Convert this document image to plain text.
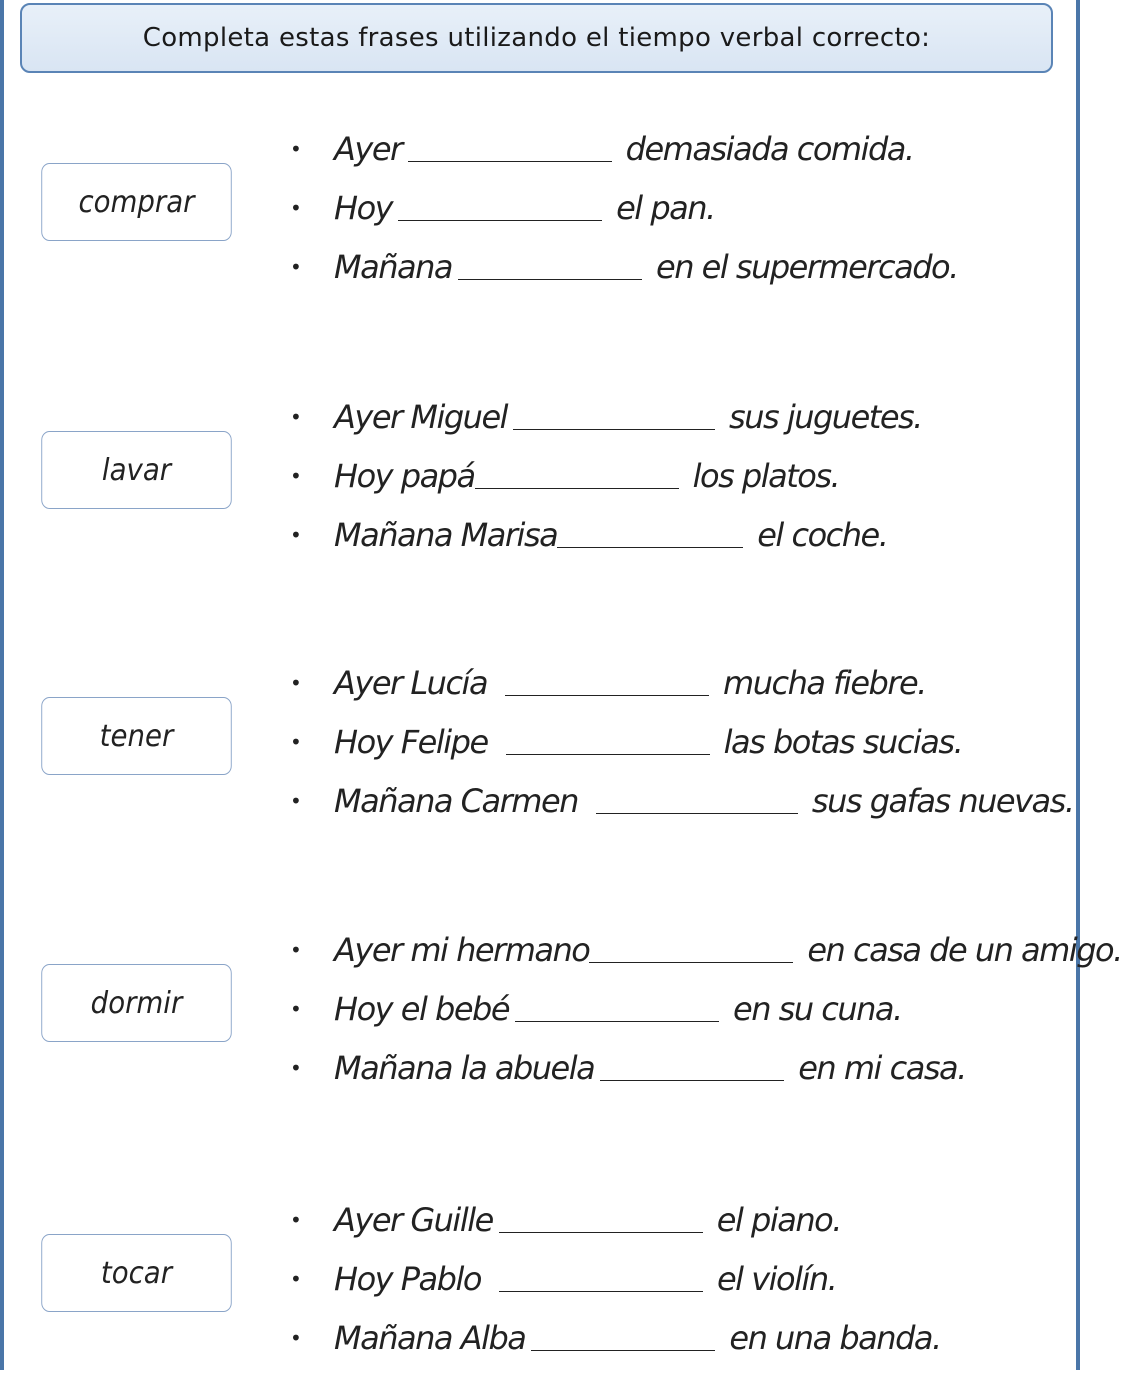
Completa estas frases utilizando el tiempo verbal correcto:
comprar
•	Ayer	demasiada comida.
•	Hoy	el pan.
•	Mañana	en el supermercado.
lavar
•	Ayer Miguel	sus juguetes.
•	Hoy papá	los platos.
•	Mañana Marisa	el coche.
tener
•	Ayer Lucía	mucha fiebre.
•	Hoy Felipe	las botas sucias.
•	Mañana Carmen	sus gafas nuevas.
dormir
•	Ayer mi hermano	en casa de un amigo.
•	Hoy el bebé	en su cuna.
•	Mañana la abuela	en mi casa.
tocar
•	Ayer Guille	el piano.
•	Hoy Pablo	el violín.
•	Mañana Alba	en una banda.
